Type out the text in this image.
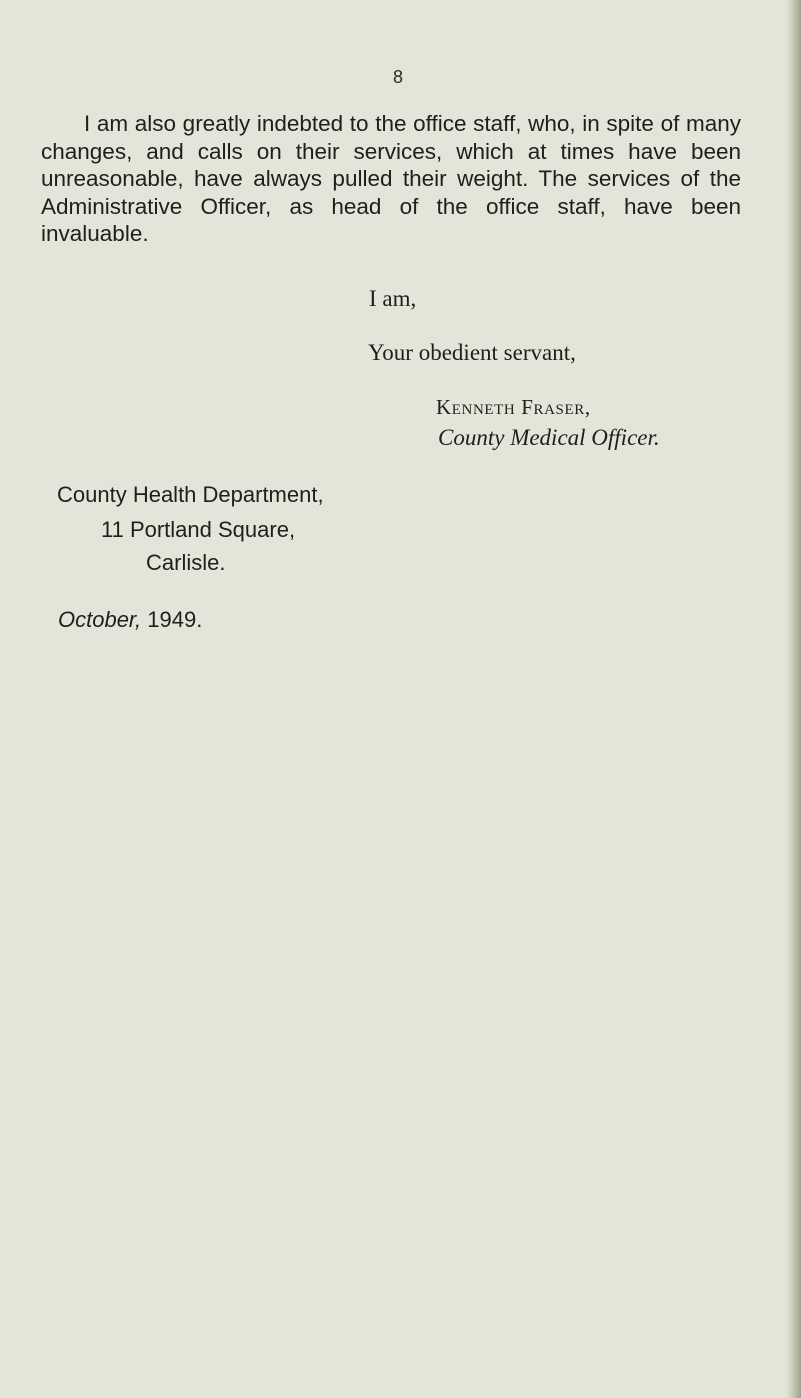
8

I am also greatly indebted to the office staff, who, in spite of many changes, and calls on their services, which at times have been unreasonable, have always pulled their weight. The services of the Administrative Officer, as head of the office staff, have been invaluable.

I am,
Your obedient servant,
Kenneth Fraser,
County Medical Officer.
County Health Department,
11 Portland Square,
Carlisle.
October, 1949.
